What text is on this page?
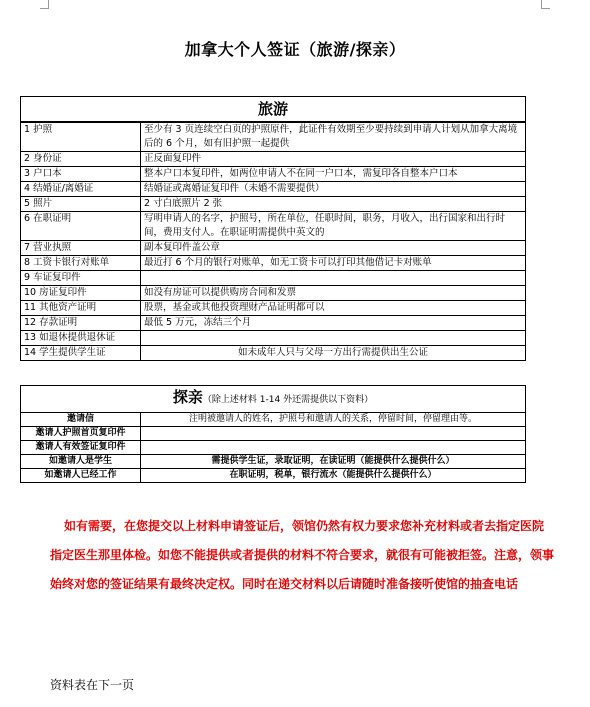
加拿大个人签证（旅游/探亲）
旅游	
1 护照	至少有 3 页连续空白页的护照原件，此证件有效期至少要持续到申请人计划从加拿大离境后的 6 个月，如有旧护照一起提供
2 身份证	正反面复印件
3 户口本	整本户口本复印件，如两位申请人不在同一户口本，需复印各自整本户口本
4 结婚证/离婚证	结婚证或离婚证复印件（未婚不需要提供）
5 照片	2 寸白底照片 2 张
6 在职证明	写明申请人的名字，护照号，所在单位，任职时间，职务，月收入，出行国家和出行时间，费用支付人。在职证明需提供中英文的
7 营业执照	副本复印件盖公章
8 工资卡银行对账单	最近打 6 个月的银行对账单，如无工资卡可以打印其他借记卡对账单
9 车证复印件	
10 房证复印件	如没有房证可以提供购房合同和发票
11 其他资产证明	股票，基金或其他投资理财产品证明都可以
12 存款证明	最低 5 万元，冻结三个月
13 如退休提供退休证	
14 学生提供学生证	如未成年人只与父母一方出行需提供出生公证
探亲（除上述材料 1-14 外还需提供以下资料）	
邀请信	注明被邀请人的姓名，护照号和邀请人的关系，停留时间，停留理由等。
邀请人护照首页复印件	
邀请人有效签证复印件	
如邀请人是学生	需提供学生证，录取证明，在读证明（能提供什么提供什么）
如邀请人已经工作	在职证明，税单，银行流水（能提供什么提供什么）
如有需要，在您提交以上材料申请签证后，领馆仍然有权力要求您补充材料或者去指定医院指定医生那里体检。如您不能提供或者提供的材料不符合要求，就很有可能被拒签。注意，领事始终对您的签证结果有最终决定权。同时在递交材料以后请随时准备接听使馆的抽查电话
资料表在下一页
